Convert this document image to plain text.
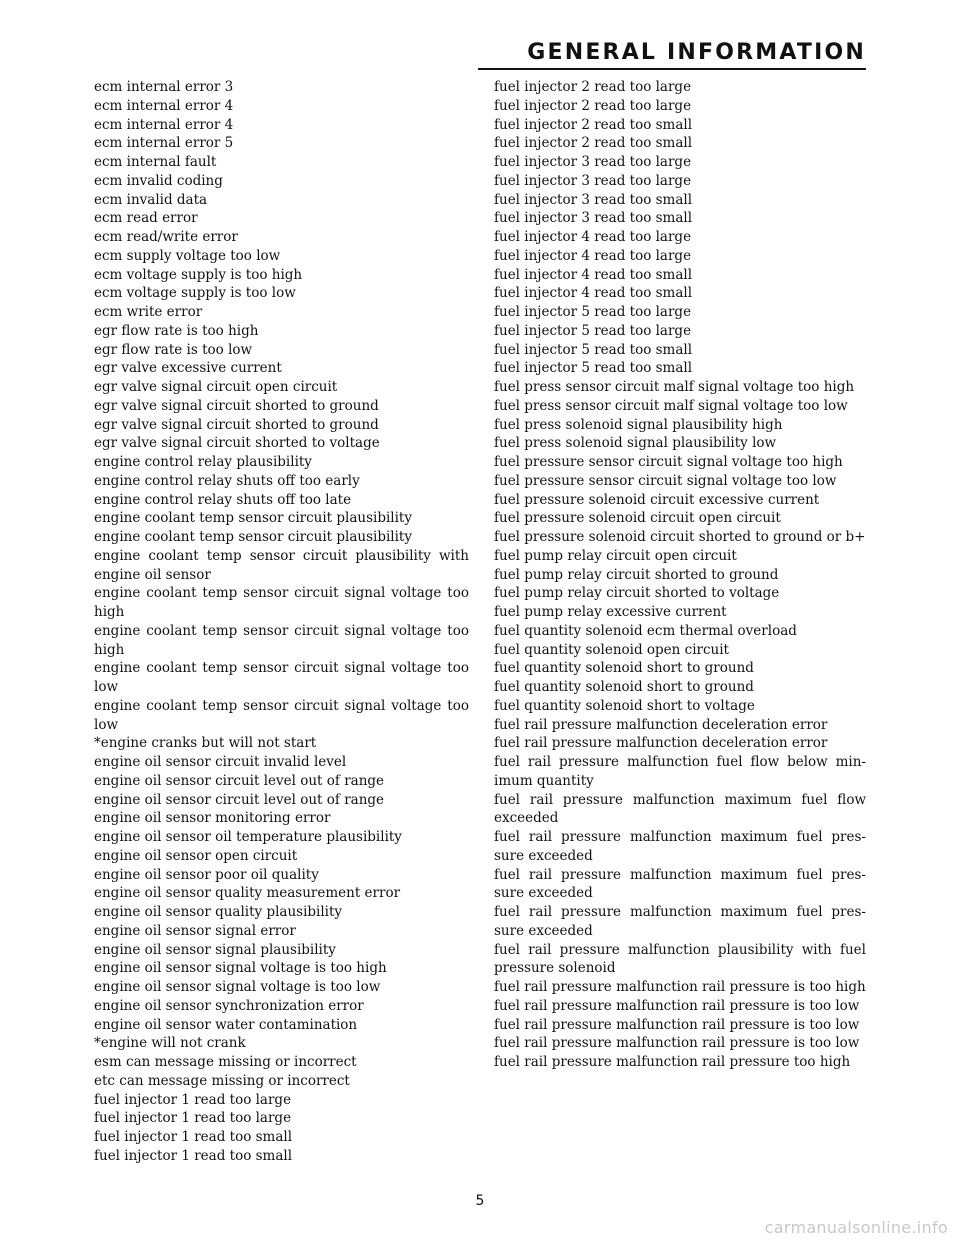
GENERAL INFORMATION

ecm internal error 3

ecm internal error 4

ecm internal error 4

ecm internal error 5

ecm internal fault

ecm invalid coding

ecm invalid data

ecm read error

ecm read/write error

ecm supply voltage too low

ecm voltage supply is too high

ecm voltage supply is too low

ecm write error

egr flow rate is too high

egr flow rate is too low

egr valve excessive current

egr valve signal circuit open circuit

egr valve signal circuit shorted to ground

egr valve signal circuit shorted to ground

egr valve signal circuit shorted to voltage

engine control relay plausibility

engine control relay shuts off too early

engine control relay shuts off too late

engine coolant temp sensor circuit plausibility

engine coolant temp sensor circuit plausibility

engine coolant temp sensor circuit plausibility with engine oil sensor

engine coolant temp sensor circuit signal voltage too high

engine coolant temp sensor circuit signal voltage too high

engine coolant temp sensor circuit signal voltage too low

engine coolant temp sensor circuit signal voltage too low

*engine cranks but will not start

engine oil sensor circuit invalid level

engine oil sensor circuit level out of range

engine oil sensor circuit level out of range

engine oil sensor monitoring error

engine oil sensor oil temperature plausibility

engine oil sensor open circuit

engine oil sensor poor oil quality

engine oil sensor quality measurement error

engine oil sensor quality plausibility

engine oil sensor signal error

engine oil sensor signal plausibility

engine oil sensor signal voltage is too high

engine oil sensor signal voltage is too low

engine oil sensor synchronization error

engine oil sensor water contamination

*engine will not crank

esm can message missing or incorrect

etc can message missing or incorrect

fuel injector 1 read too large

fuel injector 1 read too large

fuel injector 1 read too small

fuel injector 1 read too small

fuel injector 2 read too large

fuel injector 2 read too large

fuel injector 2 read too small

fuel injector 2 read too small

fuel injector 3 read too large

fuel injector 3 read too large

fuel injector 3 read too small

fuel injector 3 read too small

fuel injector 4 read too large

fuel injector 4 read too large

fuel injector 4 read too small

fuel injector 4 read too small

fuel injector 5 read too large

fuel injector 5 read too large

fuel injector 5 read too small

fuel injector 5 read too small

fuel press sensor circuit malf signal voltage too high

fuel press sensor circuit malf signal voltage too low

fuel press solenoid signal plausibility high

fuel press solenoid signal plausibility low

fuel pressure sensor circuit signal voltage too high

fuel pressure sensor circuit signal voltage too low

fuel pressure solenoid circuit excessive current

fuel pressure solenoid circuit open circuit

fuel pressure solenoid circuit shorted to ground or b+

fuel pump relay circuit open circuit

fuel pump relay circuit shorted to ground

fuel pump relay circuit shorted to voltage

fuel pump relay excessive current

fuel quantity solenoid ecm thermal overload

fuel quantity solenoid open circuit

fuel quantity solenoid short to ground

fuel quantity solenoid short to ground

fuel quantity solenoid short to voltage

fuel rail pressure malfunction deceleration error

fuel rail pressure malfunction deceleration error

fuel rail pressure malfunction fuel flow below min-imum quantity

fuel rail pressure malfunction maximum fuel flow exceeded

fuel rail pressure malfunction maximum fuel pres-sure exceeded

fuel rail pressure malfunction maximum fuel pres-sure exceeded

fuel rail pressure malfunction maximum fuel pres-sure exceeded

fuel rail pressure malfunction plausibility with fuel pressure solenoid

fuel rail pressure malfunction rail pressure is too high

fuel rail pressure malfunction rail pressure is too low

fuel rail pressure malfunction rail pressure is too low

fuel rail pressure malfunction rail pressure is too low

fuel rail pressure malfunction rail pressure too high

5
carmanualsonline.info
